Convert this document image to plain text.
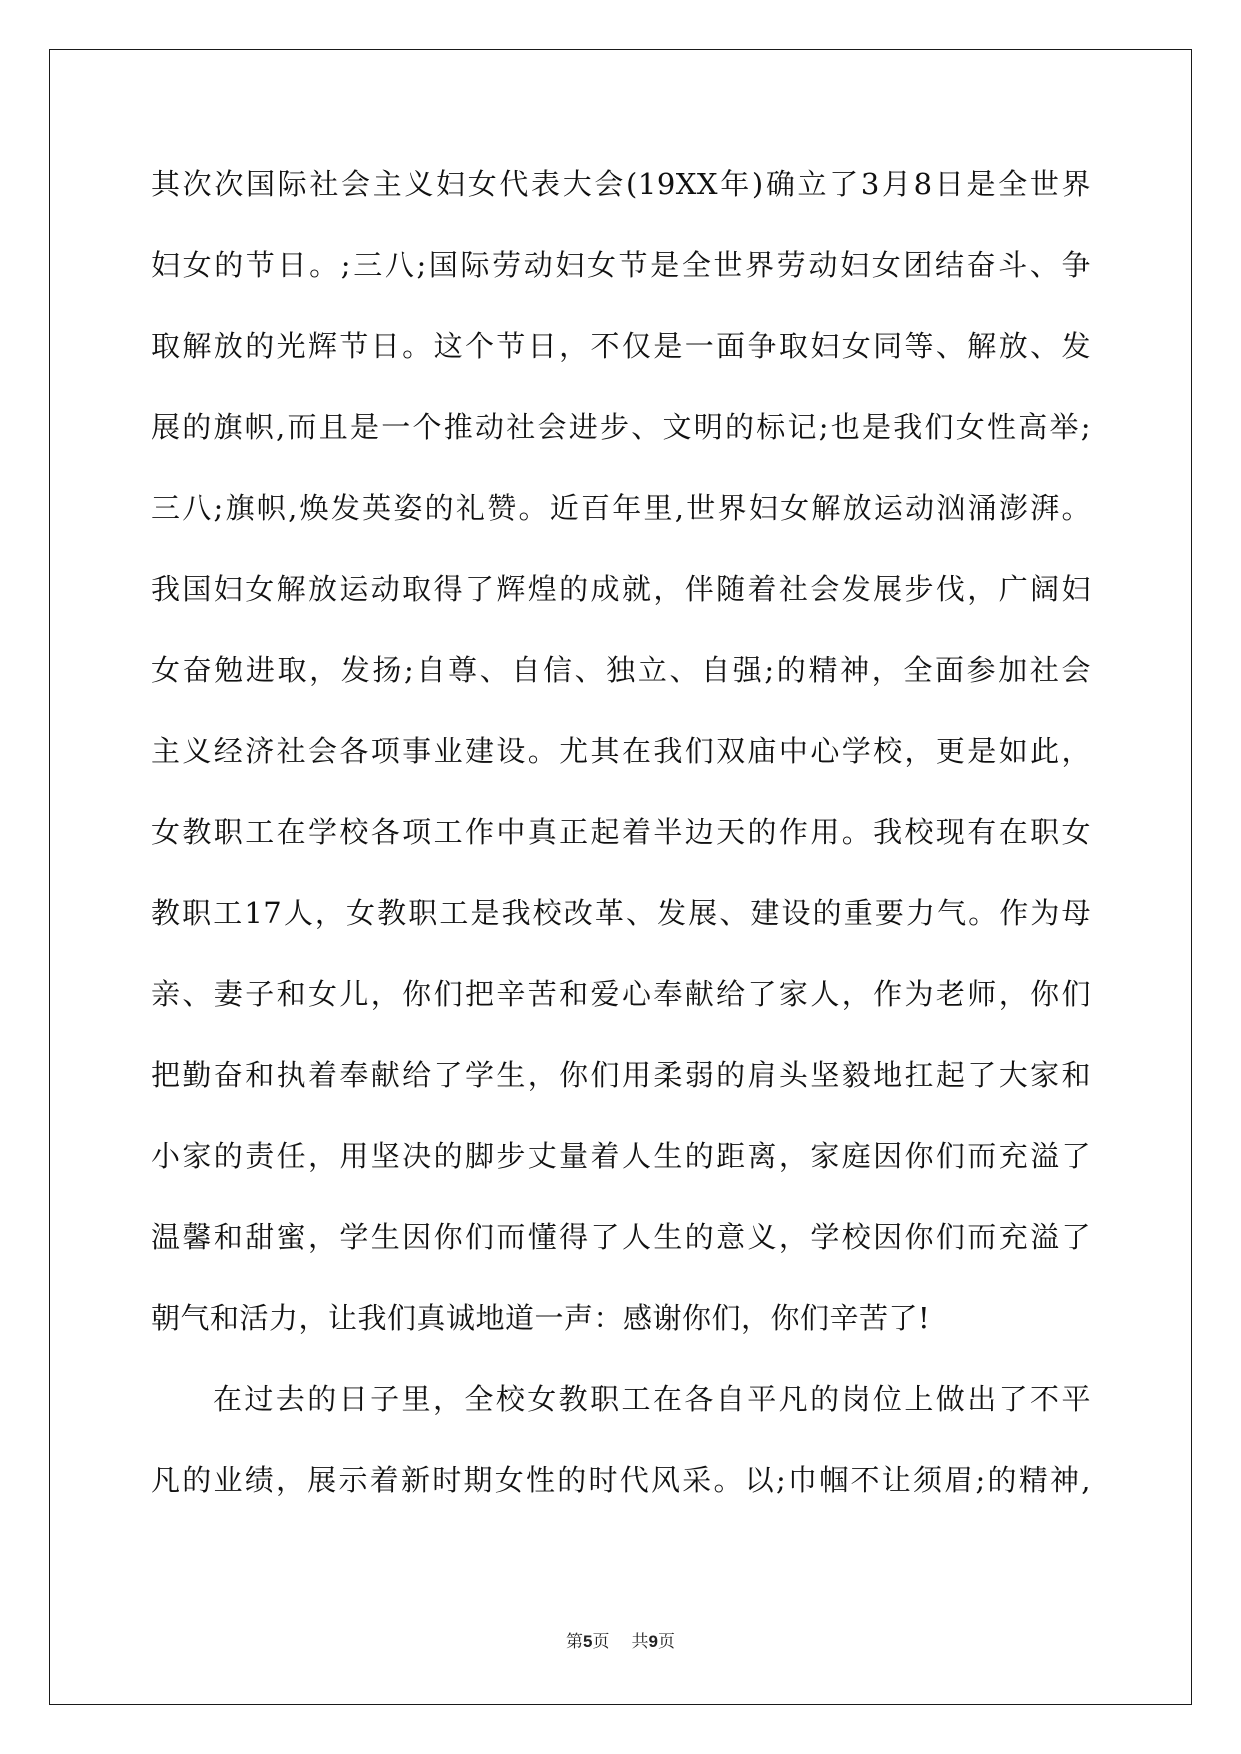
其次次国际社会主义妇女代表大会(19XX年)确立了3月8日是全世界
妇女的节日。;三八;国际劳动妇女节是全世界劳动妇女团结奋斗、争
取解放的光辉节日。这个节日，不仅是一面争取妇女同等、解放、发
展的旗帜,而且是一个推动社会进步、文明的标记;也是我们女性高举;
三八;旗帜,焕发英姿的礼赞。近百年里,世界妇女解放运动汹涌澎湃。
我国妇女解放运动取得了辉煌的成就，伴随着社会发展步伐，广阔妇
女奋勉进取，发扬;自尊、自信、独立、自强;的精神，全面参加社会
主义经济社会各项事业建设。尤其在我们双庙中心学校，更是如此，
女教职工在学校各项工作中真正起着半边天的作用。我校现有在职女
教职工17人，女教职工是我校改革、发展、建设的重要力气。作为母
亲、妻子和女儿，你们把辛苦和爱心奉献给了家人，作为老师，你们
把勤奋和执着奉献给了学生，你们用柔弱的肩头坚毅地扛起了大家和
小家的责任，用坚决的脚步丈量着人生的距离，家庭因你们而充溢了
温馨和甜蜜，学生因你们而懂得了人生的意义，学校因你们而充溢了
朝气和活力，让我们真诚地道一声：感谢你们，你们辛苦了!
在过去的日子里，全校女教职工在各自平凡的岗位上做出了不平
凡的业绩，展示着新时期女性的时代风采。以;巾帼不让须眉;的精神,
第5页 共9页
